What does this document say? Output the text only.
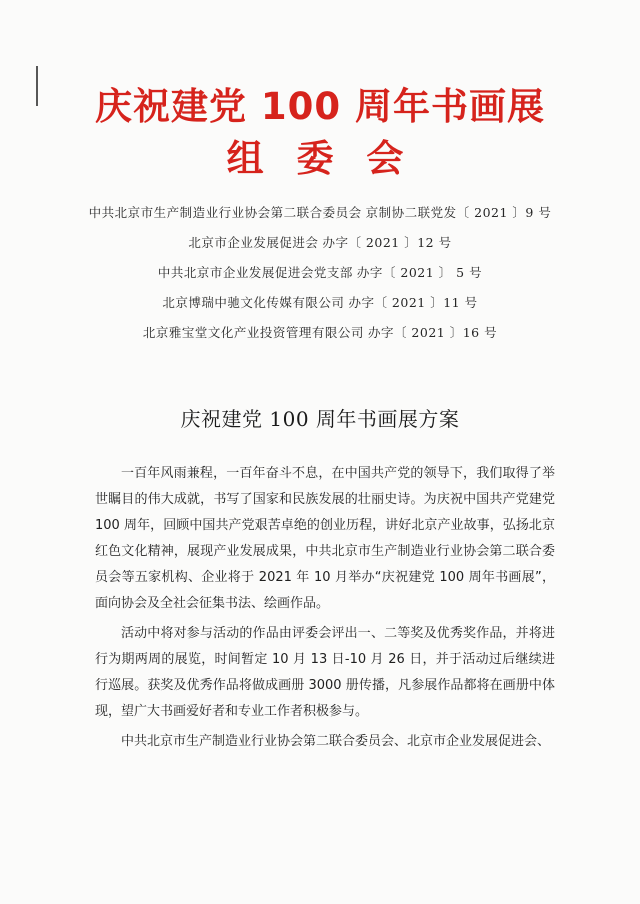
庆祝建党 100 周年书画展
组 委 会
中共北京市生产制造业行业协会第二联合委员会 京制协二联党发〔 2021 〕9 号
北京市企业发展促进会 办字〔 2021 〕12 号
中共北京市企业发展促进会党支部 办字〔 2021 〕 5 号
北京博瑞中驰文化传媒有限公司 办字〔 2021 〕11 号
北京雅宝堂文化产业投资管理有限公司 办字〔 2021 〕16 号
庆祝建党 100 周年书画展方案

一百年风雨兼程，一百年奋斗不息，在中国共产党的领导下，我们取得了举世瞩目的伟大成就，书写了国家和民族发展的壮丽史诗。为庆祝中国共产党建党 100 周年，回顾中国共产党艰苦卓绝的创业历程，讲好北京产业故事，弘扬北京红色文化精神，展现产业发展成果，中共北京市生产制造业行业协会第二联合委员会等五家机构、企业将于 2021 年 10 月举办“庆祝建党 100 周年书画展”，面向协会及全社会征集书法、绘画作品。

活动中将对参与活动的作品由评委会评出一、二等奖及优秀奖作品，并将进行为期两周的展览，时间暂定 10 月 13 日-10 月 26 日，并于活动过后继续进行巡展。获奖及优秀作品将做成画册 3000 册传播，凡参展作品都将在画册中体现，望广大书画爱好者和专业工作者积极参与。

中共北京市生产制造业行业协会第二联合委员会、北京市企业发展促进会、
